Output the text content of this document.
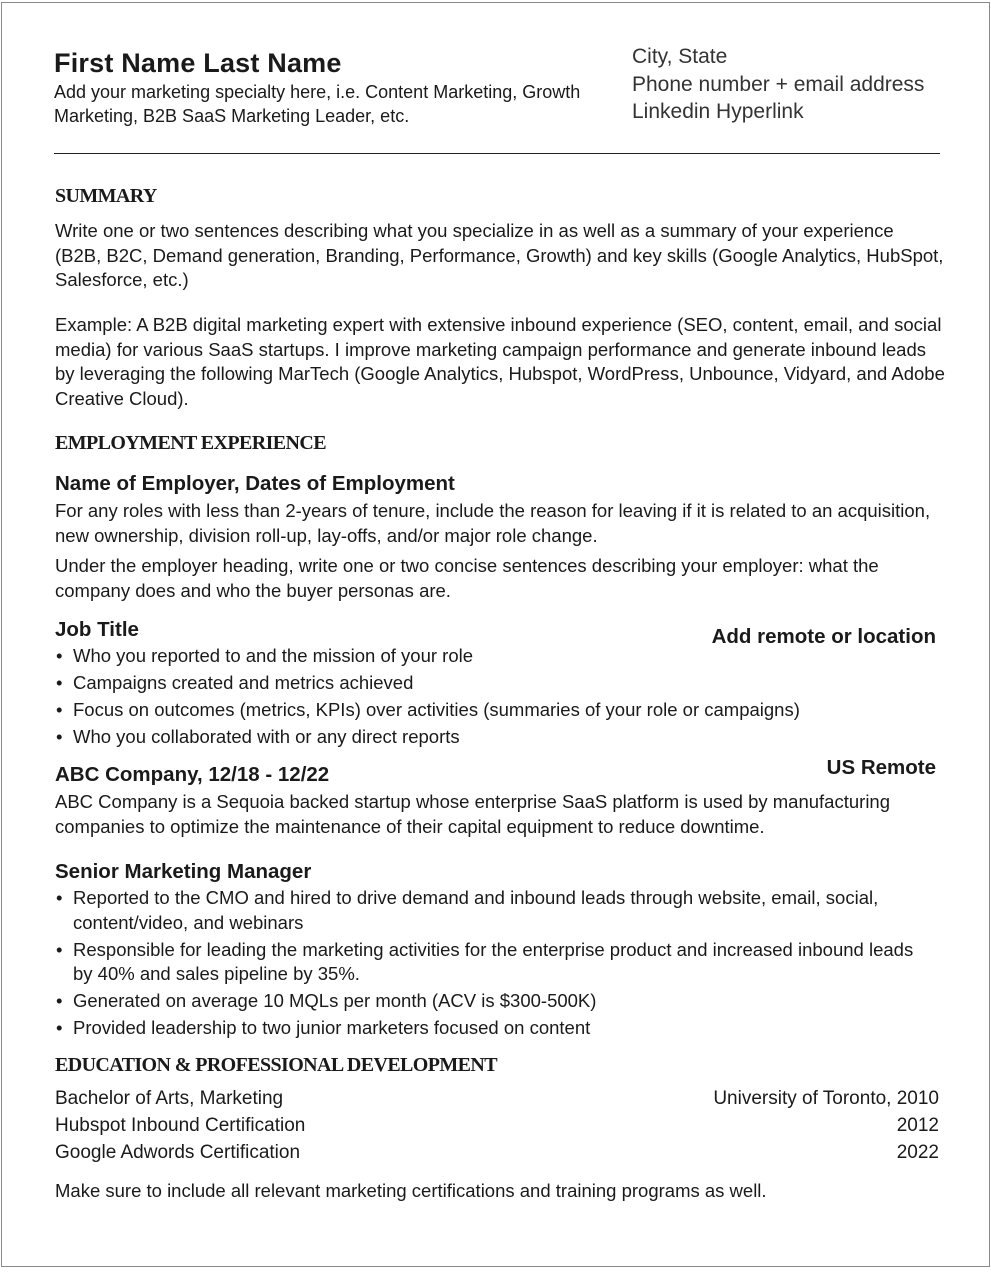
First Name Last Name
Add your marketing specialty here, i.e. Content Marketing, Growth Marketing, B2B SaaS Marketing Leader, etc.
City, State
Phone number + email address
Linkedin Hyperlink
SUMMARY
Write one or two sentences describing what you specialize in as well as a summary of your experience (B2B, B2C, Demand generation, Branding, Performance, Growth) and key skills (Google Analytics, HubSpot, Salesforce, etc.)
Example: A B2B digital marketing expert with extensive inbound experience (SEO, content, email, and social media) for various SaaS startups. I improve marketing campaign performance and generate inbound leads by leveraging the following MarTech (Google Analytics, Hubspot, WordPress, Unbounce, Vidyard, and Adobe Creative Cloud).
EMPLOYMENT EXPERIENCE
Name of Employer, Dates of Employment
For any roles with less than 2-years of tenure, include the reason for leaving if it is related to an acquisition, new ownership, division roll-up, lay-offs, and/or major role change.
Under the employer heading, write one or two concise sentences describing your employer: what the company does and who the buyer personas are.
Job Title	Add remote or location
• Who you reported to and the mission of your role
• Campaigns created and metrics achieved
• Focus on outcomes (metrics, KPIs) over activities (summaries of your role or campaigns)
• Who you collaborated with or any direct reports
ABC Company, 12/18 - 12/22	US Remote
ABC Company is a Sequoia backed startup whose enterprise SaaS platform is used by manufacturing companies to optimize the maintenance of their capital equipment to reduce downtime.
Senior Marketing Manager
• Reported to the CMO and hired to drive demand and inbound leads through website, email, social, content/video, and webinars
• Responsible for leading the marketing activities for the enterprise product and increased inbound leads by 40% and sales pipeline by 35%.
• Generated on average 10 MQLs per month (ACV is $300-500K)
• Provided leadership to two junior marketers focused on content
EDUCATION & PROFESSIONAL DEVELOPMENT
Bachelor of Arts, Marketing	University of Toronto, 2010
Hubspot Inbound Certification	2012
Google Adwords Certification	2022
Make sure to include all relevant marketing certifications and training programs as well.
